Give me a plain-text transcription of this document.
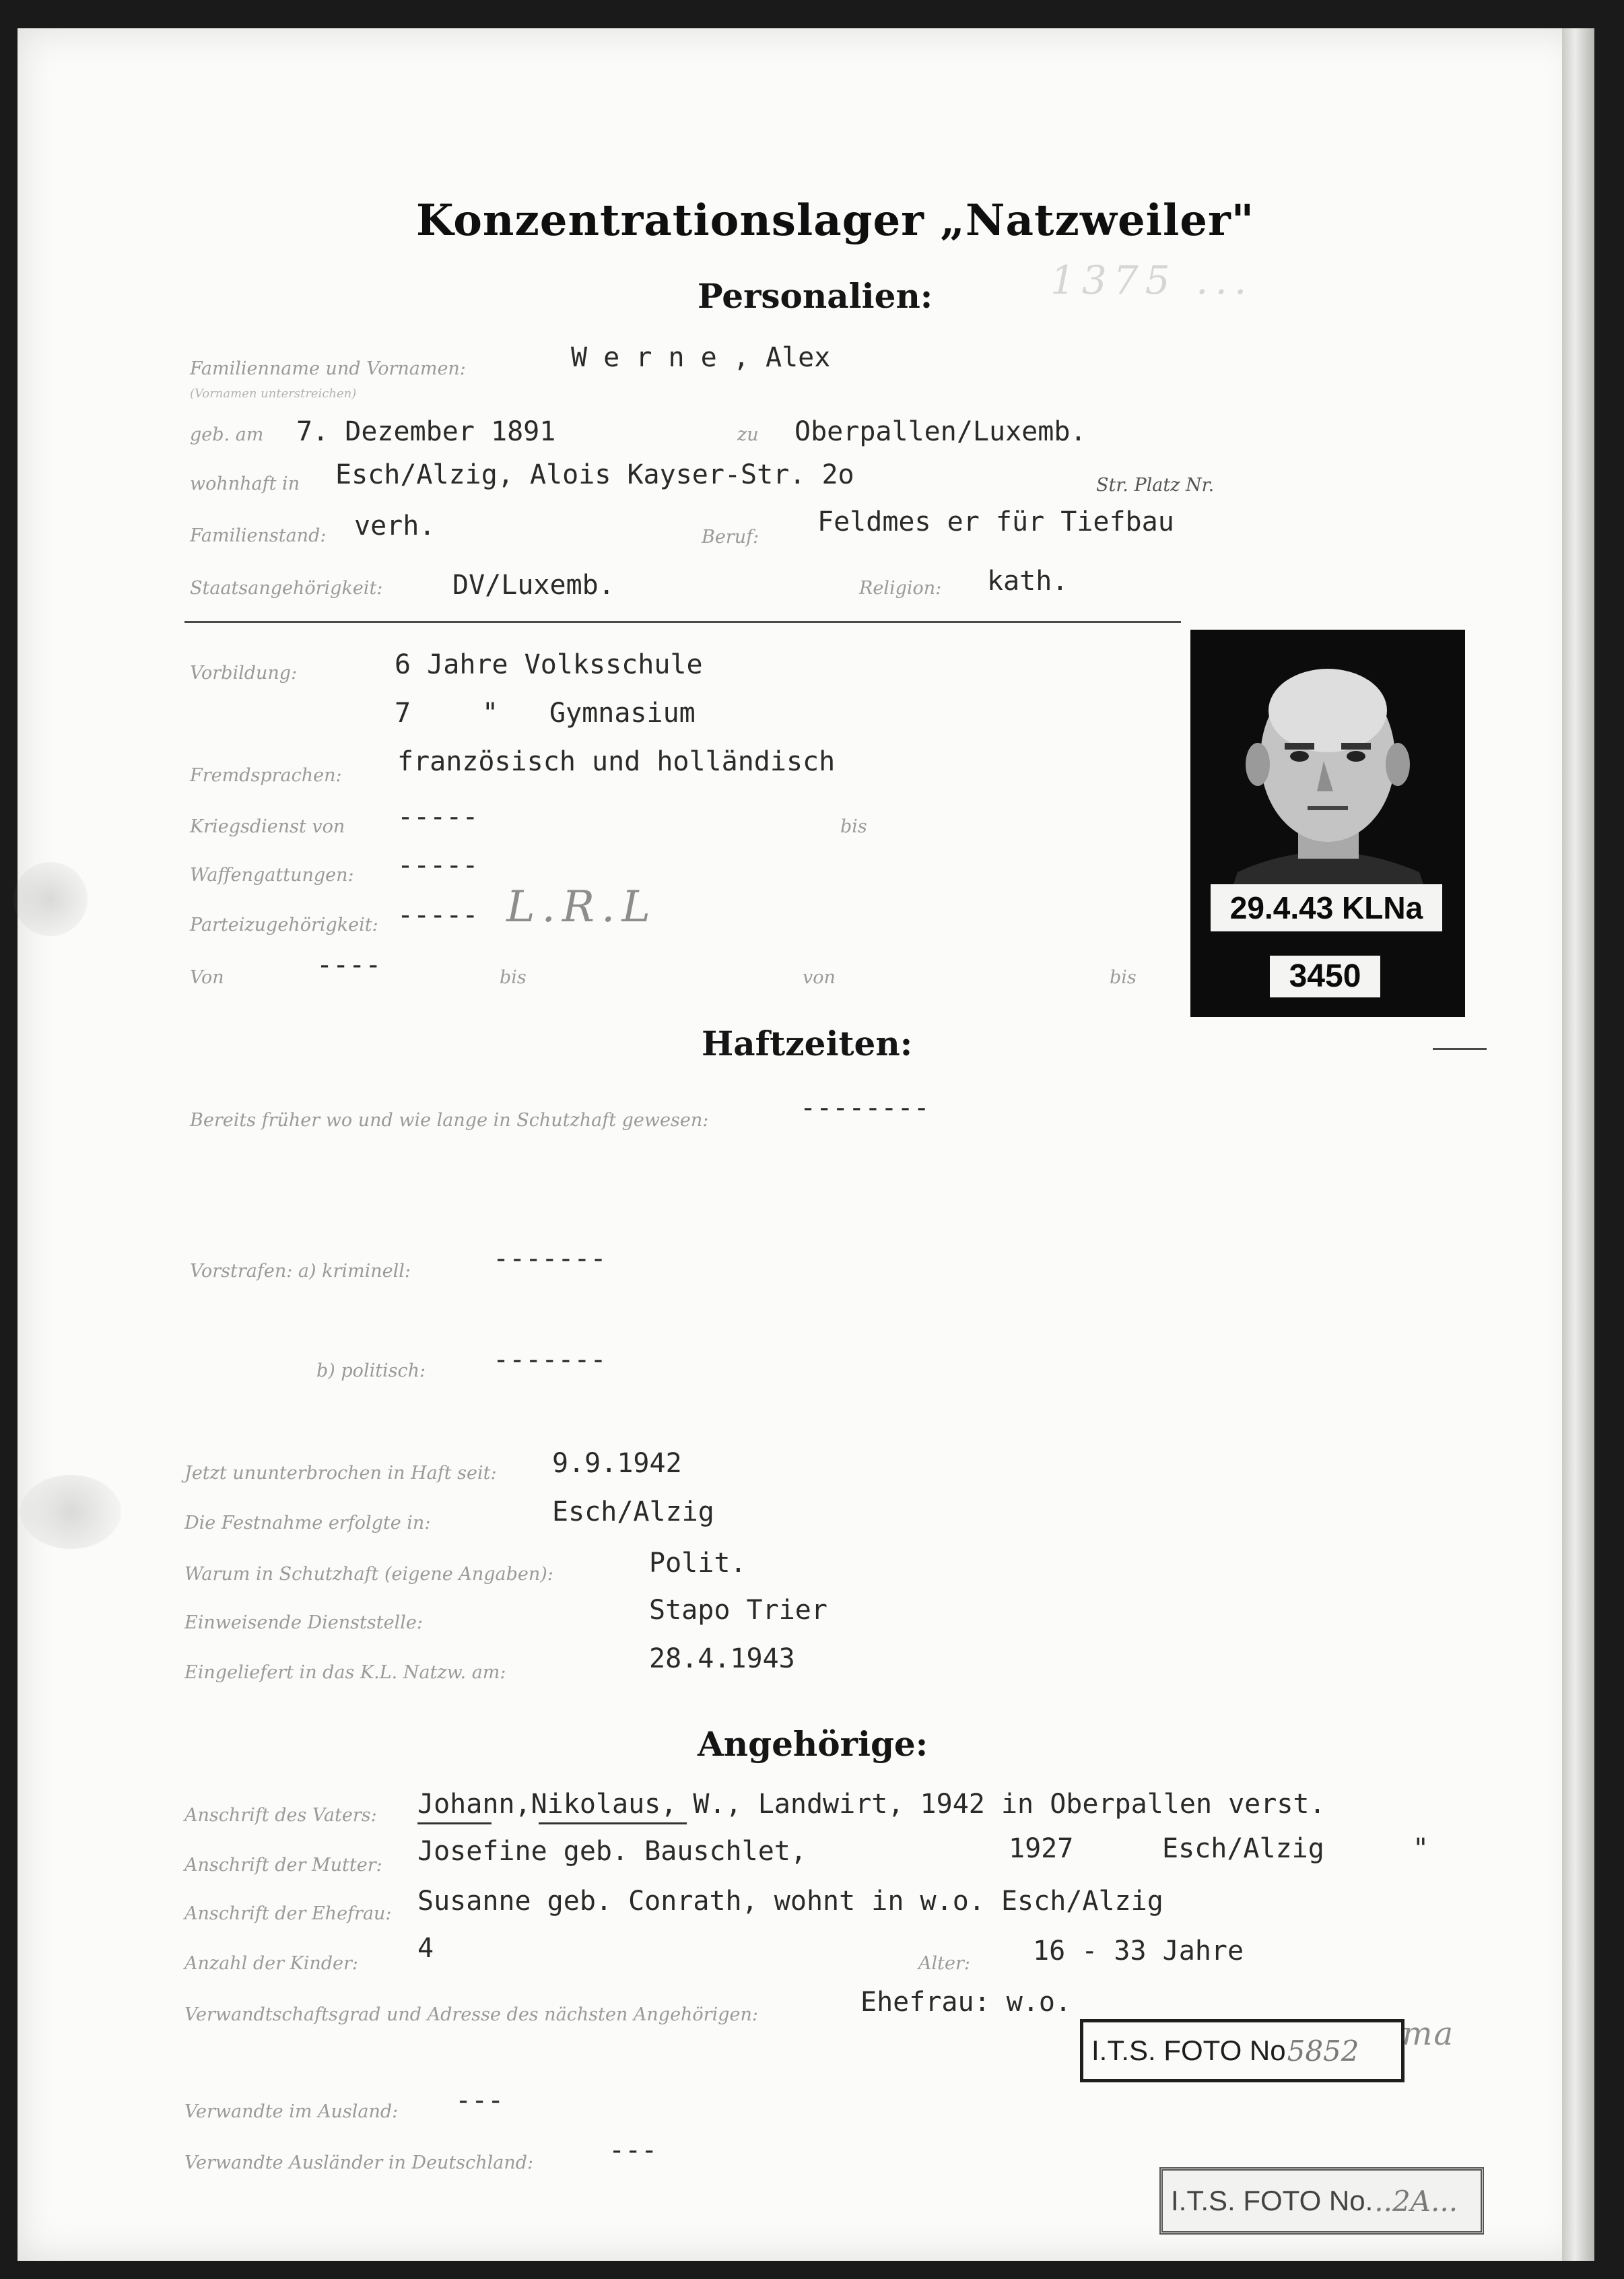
1375 ...
Konzentrationslager „Natzweiler"
Personalien:
Familienname und Vornamen:
(Vornamen unterstreichen)
W e r n e , Alex
geb. am 7. Dezember 1891	zu Oberpallen/Luxemb.
wohnhaft in Esch/Alzig, Alois Kayser-Str. 2o	Str. Platz Nr.
Familienstand: verh.	Beruf: Feldmes er für Tiefbau
Staatsangehörigkeit:	DV/Luxemb.	Religion: kath.
Vorbildung:	6 Jahre Volksschule
7	" Gymnasium
Fremdsprachen: französisch und holländisch
Kriegsdienst von -----	bis
Waffengattungen: -----
Parteizugehörigkeit: ----- L.R.L
Von	----	bis	von	bis
29.4.43 KLNa
3450
Haftzeiten:
Bereits früher wo und wie lange in Schutzhaft gewesen:	--------
Vorstrafen: a) kriminell:	-------
b) politisch: -------
Jetzt ununterbrochen in Haft seit: 9.9.1942
Die Festnahme erfolgte in:	Esch/Alzig
Warum in Schutzhaft (eigene Angaben):	Polit.
Einweisende Dienststelle:	Stapo Trier
Eingeliefert in das K.L. Natzw. am:	28.4.1943
Angehörige:
Anschrift des Vaters: Johann,Nikolaus, W., Landwirt, 1942 in Oberpallen verst.
Anschrift der Mutter: Josefine geb. Bauschlet,	1927	Esch/Alzig	"
Anschrift der Ehefrau: Susanne geb. Conrath, wohnt in w.o. Esch/Alzig
Anzahl der Kinder: 4	Alter: 16 - 33 Jahre
Verwandtschaftsgrad und Adresse des nächsten Angehörigen:	Ehefrau: w.o.
Verwandte im Ausland: ---
Verwandte Ausländer in Deutschland:	---
I.T.S. FOTO No 5852 ma
I.T.S. FOTO No. ..2A...
